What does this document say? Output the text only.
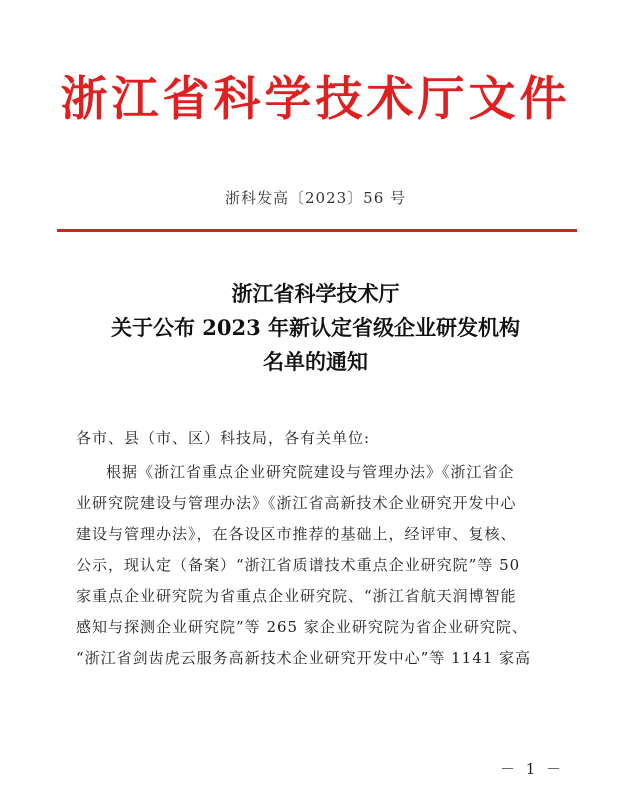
浙江省科学技术厅文件
浙科发高〔2023〕56 号
浙江省科学技术厅
关于公布 2023 年新认定省级企业研发机构
名单的通知
各市、县（市、区）科技局，各有关单位:
根据《浙江省重点企业研究院建设与管理办法》《浙江省企
业研究院建设与管理办法》《浙江省高新技术企业研究开发中心
建设与管理办法》，在各设区市推荐的基础上，经评审、复核、
公示，现认定（备案）“浙江省质谱技术重点企业研究院”等 50
家重点企业研究院为省重点企业研究院、“浙江省航天润博智能
感知与探测企业研究院”等 265 家企业研究院为省企业研究院、
“浙江省剑齿虎云服务高新技术企业研究开发中心”等 1141 家高
－ 1 －
